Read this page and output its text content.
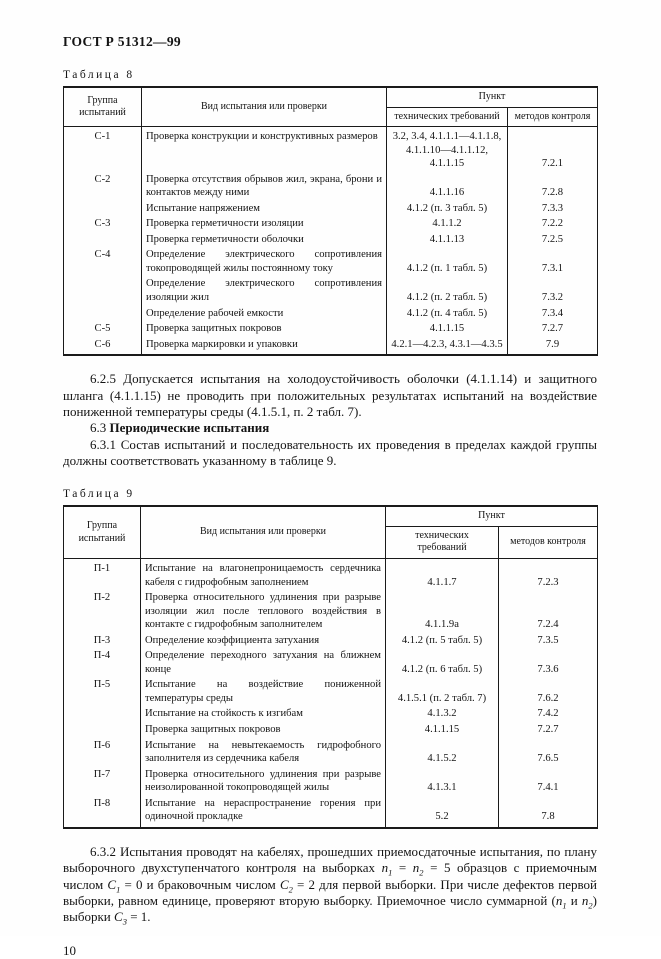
ГОСТ Р 51312—99

Таблица 8

Группа испытаний	Вид испытания или проверки	Пункт	
		технических требований	методов контроля
С-1	Проверка конструкции и конструктивных размеров	3.2, 3.4, 4.1.1.1—4.1.1.8, 4.1.1.10—4.1.1.12, 4.1.1.15	7.2.1
С-2	Проверка отсутствия обрывов жил, экрана, брони и контактов между ними	4.1.1.16	7.2.8
	Испытание напряжением	4.1.2 (п. 3 табл. 5)	7.3.3
С-3	Проверка герметичности изоляции	4.1.1.2	7.2.2
	Проверка герметичности оболочки	4.1.1.13	7.2.5
С-4	Определение электрического сопротивления токопроводящей жилы постоянному току	4.1.2 (п. 1 табл. 5)	7.3.1
	Определение электрического сопротивления изоляции жил	4.1.2 (п. 2 табл. 5)	7.3.2
	Определение рабочей емкости	4.1.2 (п. 4 табл. 5)	7.3.4
С-5	Проверка защитных покровов	4.1.1.15	7.2.7
С-6	Проверка маркировки и упаковки	4.2.1—4.2.3, 4.3.1—4.3.5	7.9

6.2.5 Допускается испытания на холодоустойчивость оболочки (4.1.1.14) и защитного шланга (4.1.1.15) не проводить при положительных результатах испытаний на воздействие пониженной температуры среды (4.1.5.1, п. 2 табл. 7).

6.3 Периодические испытания

6.3.1 Состав испытаний и последовательность их проведения в пределах каждой группы должны соответствовать указанному в таблице 9.

Таблица 9

Группа испытаний	Вид испытания или проверки	Пункт	
		технических требований	методов контроля
П-1	Испытание на влагонепроницаемость сердечника кабеля с гидрофобным заполнением	4.1.1.7	7.2.3
П-2	Проверка относительного удлинения при разрыве изоляции жил после теплового воздействия в контакте с гидрофобным заполнителем	4.1.1.9а	7.2.4
П-3	Определение коэффициента затухания	4.1.2 (п. 5 табл. 5)	7.3.5
П-4	Определение переходного затухания на ближнем конце	4.1.2 (п. 6 табл. 5)	7.3.6
П-5	Испытание на воздействие пониженной температуры среды	4.1.5.1 (п. 2 табл. 7)	7.6.2
	Испытание на стойкость к изгибам	4.1.3.2	7.4.2
	Проверка защитных покровов	4.1.1.15	7.2.7
П-6	Испытание на невытекаемость гидрофобного заполнителя из сердечника кабеля	4.1.5.2	7.6.5
П-7	Проверка относительного удлинения при разрыве неизолированной токопроводящей жилы	4.1.3.1	7.4.1
П-8	Испытание на нераспространение горения при одиночной прокладке	5.2	7.8

6.3.2 Испытания проводят на кабелях, прошедших приемосдаточные испытания, по плану выборочного двухступенчатого контроля на выборках $n_1 = n_2 = 5$ образцов с приемочным числом $C_1 = 0$ и браковочным числом $C_2 = 2$ для первой выборки. При числе дефектов первой выборки, равном единице, проверяют вторую выборку. Приемочное число суммарной ($n_1$ и $n_2$) выборки $C_3 = 1$.

10
